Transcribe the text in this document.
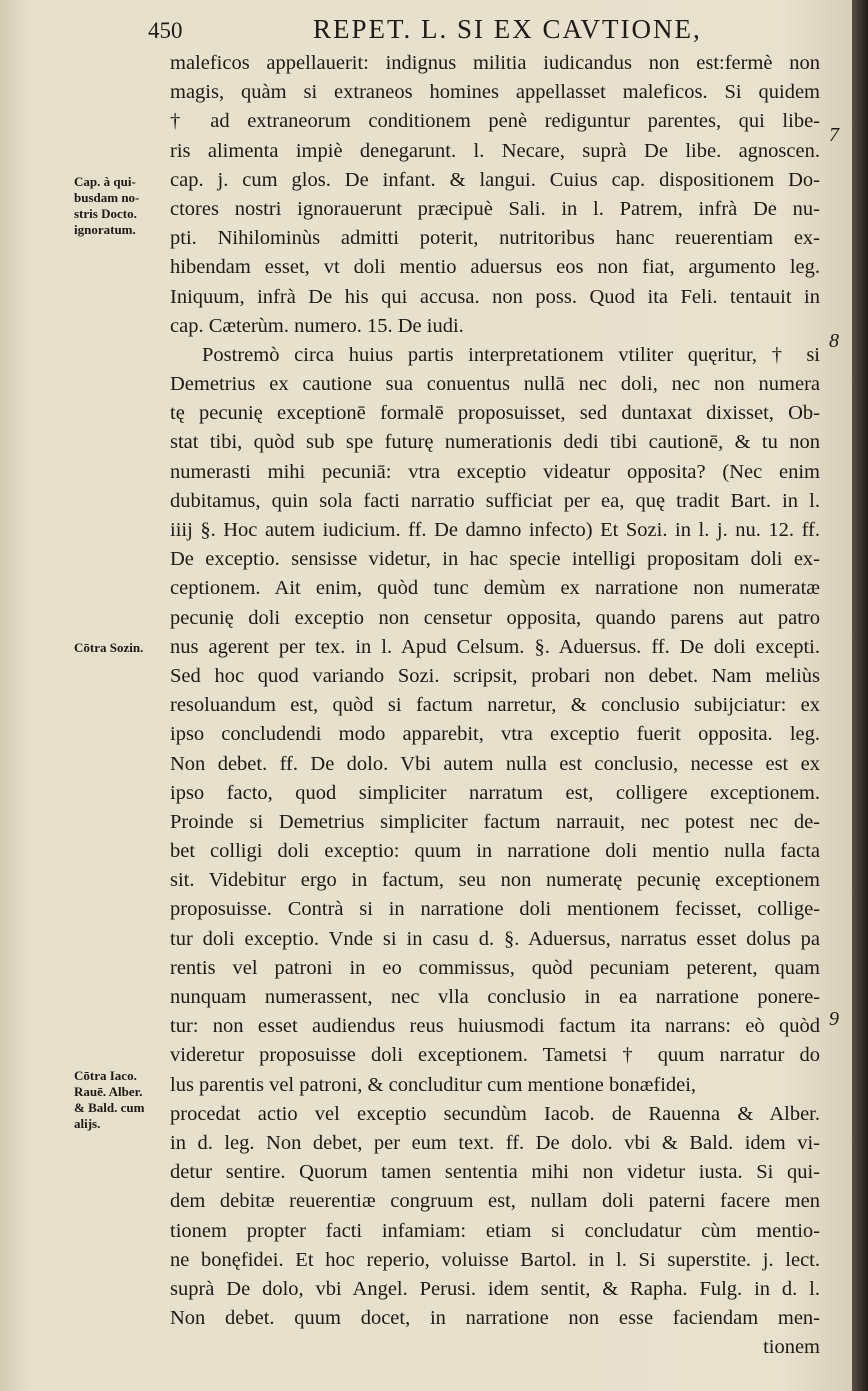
450	REPET. L. SI EX CAVTIONE,
maleficos appellauerit: indignus militia iudicandus non est:fermè non
magis, quàm si extraneos homines appellasset maleficos. Si quidem
† ad extraneorum conditionem penè rediguntur parentes, qui libe-
ris alimenta impiè denegarunt. l. Necare, suprà De libe. agnoscen.
cap. j. cum glos. De infant. & langui. Cuius cap. dispositionem Do-
ctores nostri ignorauerunt præcipuè Sali. in l. Patrem, infrà De nu-
pti. Nihilominùs admitti poterit, nutritoribus hanc reuerentiam ex-
hibendam esset, vt doli mentio aduersus eos non fiat, argumento leg.
Iniquum, infrà De his qui accusa. non poss. Quod ita Feli. tentauit in
cap. Cæterùm. numero. 15. De iudi.
Postremò circa huius partis interpretationem vtiliter quęritur, † si
Demetrius ex cautione sua conuentus nullā nec doli, nec non numera
tę pecunię exceptionē formalē proposuisset, sed duntaxat dixisset, Ob-
stat tibi, quòd sub spe futurę numerationis dedi tibi cautionē, & tu non
numerasti mihi pecuniā: vtra exceptio videatur opposita? (Nec enim
dubitamus, quin sola facti narratio sufficiat per ea, quę tradit Bart. in l.
iiij §. Hoc autem iudicium. ff. De damno infecto) Et Sozi. in l. j. nu. 12. ff.
De exceptio. sensisse videtur, in hac specie intelligi propositam doli ex-
ceptionem. Ait enim, quòd tunc demùm ex narratione non numeratæ
pecunię doli exceptio non censetur opposita, quando parens aut patro
nus agerent per tex. in l. Apud Celsum. §. Aduersus. ff. De doli excepti.
Sed hoc quod variando Sozi. scripsit, probari non debet. Nam meliùs
resoluandum est, quòd si factum narretur, & conclusio subijciatur: ex
ipso concludendi modo apparebit, vtra exceptio fuerit opposita. leg.
Non debet. ff. De dolo. Vbi autem nulla est conclusio, necesse est ex
ipso facto, quod simpliciter narratum est, colligere exceptionem.
Proinde si Demetrius simpliciter factum narrauit, nec potest nec de-
bet colligi doli exceptio: quum in narratione doli mentio nulla facta
sit. Videbitur ergo in factum, seu non numeratę pecunię exceptionem
proposuisse. Contrà si in narratione doli mentionem fecisset, collige-
tur doli exceptio. Vnde si in casu d. §. Aduersus, narratus esset dolus pa
rentis vel patroni in eo commissus, quòd pecuniam peterent, quam
nunquam numerassent, nec vlla conclusio in ea narratione ponere-
tur: non esset audiendus reus huiusmodi factum ita narrans: eò quòd
videretur proposuisse doli exceptionem. Tametsi † quum narratur do
lus parentis vel patroni, & concluditur cum mentione bonæfidei,
procedat actio vel exceptio secundùm Iacob. de Rauenna & Alber.
in d. leg. Non debet, per eum text. ff. De dolo. vbi & Bald. idem vi-
detur sentire. Quorum tamen sententia mihi non videtur iusta. Si qui-
dem debitæ reuerentiæ congruum est, nullam doli paterni facere men
tionem propter facti infamiam: etiam si concludatur cùm mentio-
ne bonęfidei. Et hoc reperio, voluisse Bartol. in l. Si superstite. j. lect.
suprà De dolo, vbi Angel. Perusi. idem sentit, & Rapha. Fulg. in d. l.
Non debet. quum docet, in narratione non esse faciendam men-
tionem
Cap. à qui-
busdam no-
stris Docto.
ignoratum.
Cōtra Sozin.
Cōtra Iaco.
Rauē. Alber.
& Bald. cum
alijs.
7
8
9
